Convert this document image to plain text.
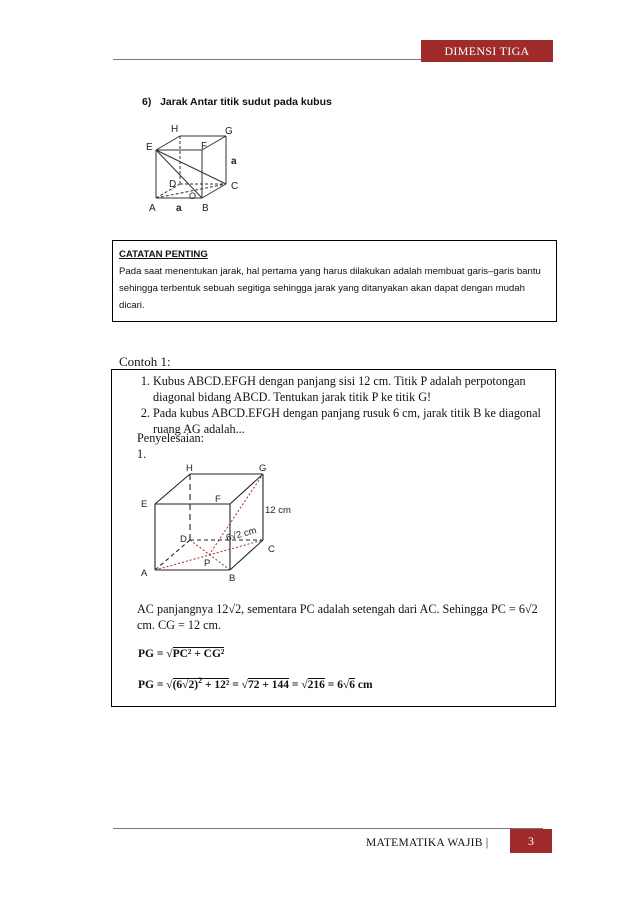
DIMENSI TIGA
6)   Jarak Antar titik sudut pada kubus
H	G
E	F
D	C
A	B
O
a
a
CATATAN PENTING
Pada saat menentukan jarak, hal pertama yang harus dilakukan adalah membuat garis–garis bantu sehingga terbentuk sebuah segitiga sehingga jarak yang ditanyakan akan dapat dengan mudah dicari.
Contoh 1:
1. Kubus ABCD.EFGH dengan panjang sisi 12 cm. Titik P adalah perpotongan diagonal bidang ABCD. Tentukan jarak titik P ke titik G!
2. Pada kubus ABCD.EFGH dengan panjang rusuk 6 cm, jarak titik B ke diagonal ruang AG adalah...
Penyelesaian:
1.
H	G
E	F
D
C
A	B
P
12 cm
6√2 cm
AC panjangnya 12√2, sementara PC adalah setengah dari AC. Sehingga PC = 6√2 cm. CG = 12 cm.
PG = √PC² + CG²
PG = $√(6√2)^2 + 12^2 = √72 + 144 = √216 = 6√6$ cm
MATEMATIKA WAJIB |	3
